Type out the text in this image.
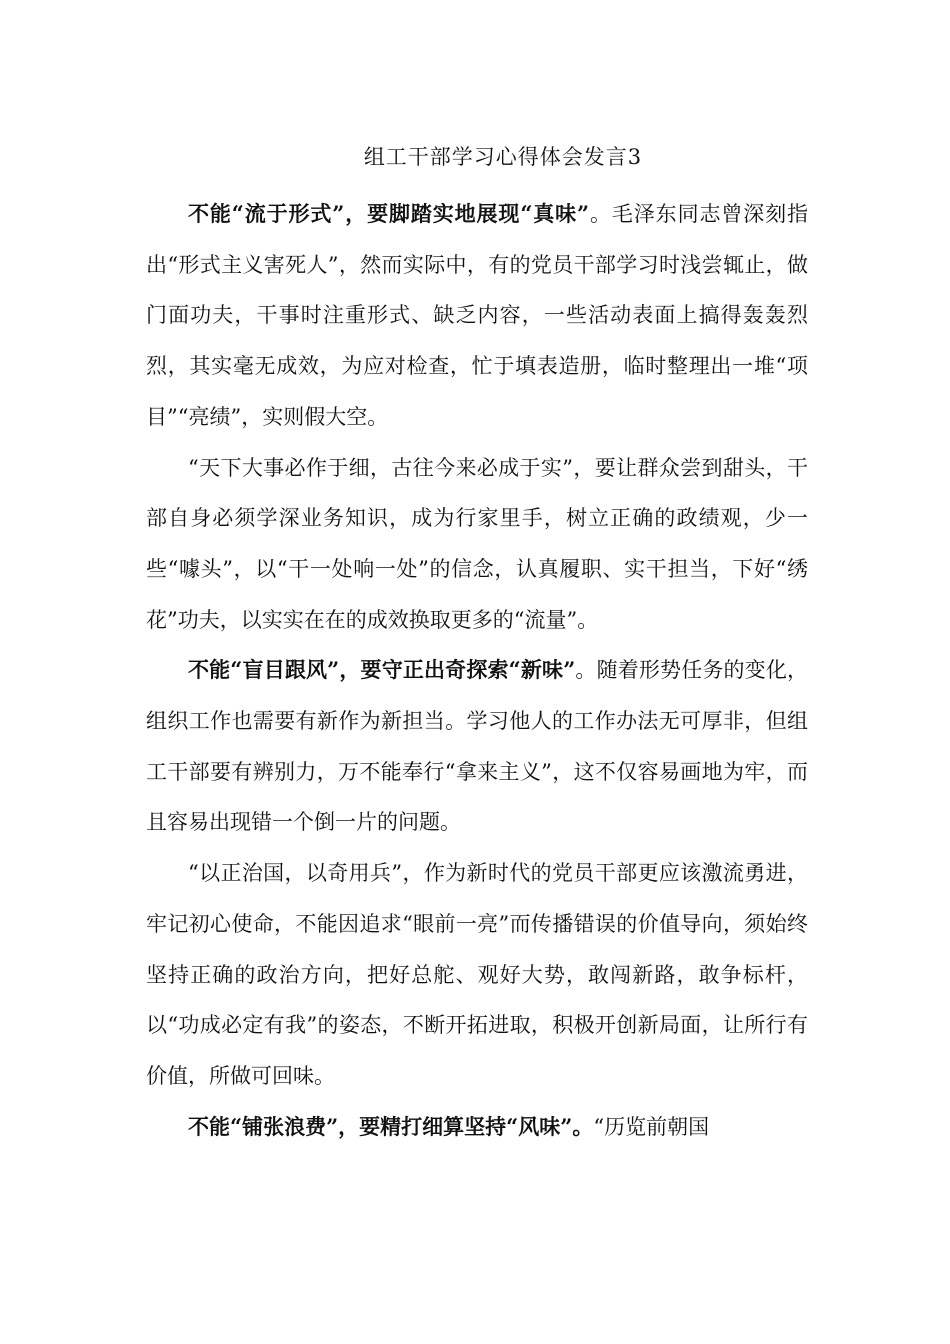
组工干部学习心得体会发言3

不能“流于形式”，要脚踏实地展现“真味”。毛泽东同志曾深刻指出“形式主义害死人”，然而实际中，有的党员干部学习时浅尝辄止，做门面功夫，干事时注重形式、缺乏内容，一些活动表面上搞得轰轰烈烈，其实毫无成效，为应对检查，忙于填表造册，临时整理出一堆“项目”“亮绩”，实则假大空。

“天下大事必作于细，古往今来必成于实”，要让群众尝到甜头，干部自身必须学深业务知识，成为行家里手，树立正确的政绩观，少一些“噱头”，以“干一处响一处”的信念，认真履职、实干担当，下好“绣花”功夫，以实实在在的成效换取更多的“流量”。

不能“盲目跟风”，要守正出奇探索“新味”。随着形势任务的变化，组织工作也需要有新作为新担当。学习他人的工作办法无可厚非，但组工干部要有辨别力，万不能奉行“拿来主义”，这不仅容易画地为牢，而且容易出现错一个倒一片的问题。

“以正治国，以奇用兵”，作为新时代的党员干部更应该激流勇进，牢记初心使命，不能因追求“眼前一亮”而传播错误的价值导向，须始终坚持正确的政治方向，把好总舵、观好大势，敢闯新路，敢争标杆，以“功成必定有我”的姿态，不断开拓进取，积极开创新局面，让所行有价值，所做可回味。

不能“铺张浪费”，要精打细算坚持“风味”。“历览前朝国
